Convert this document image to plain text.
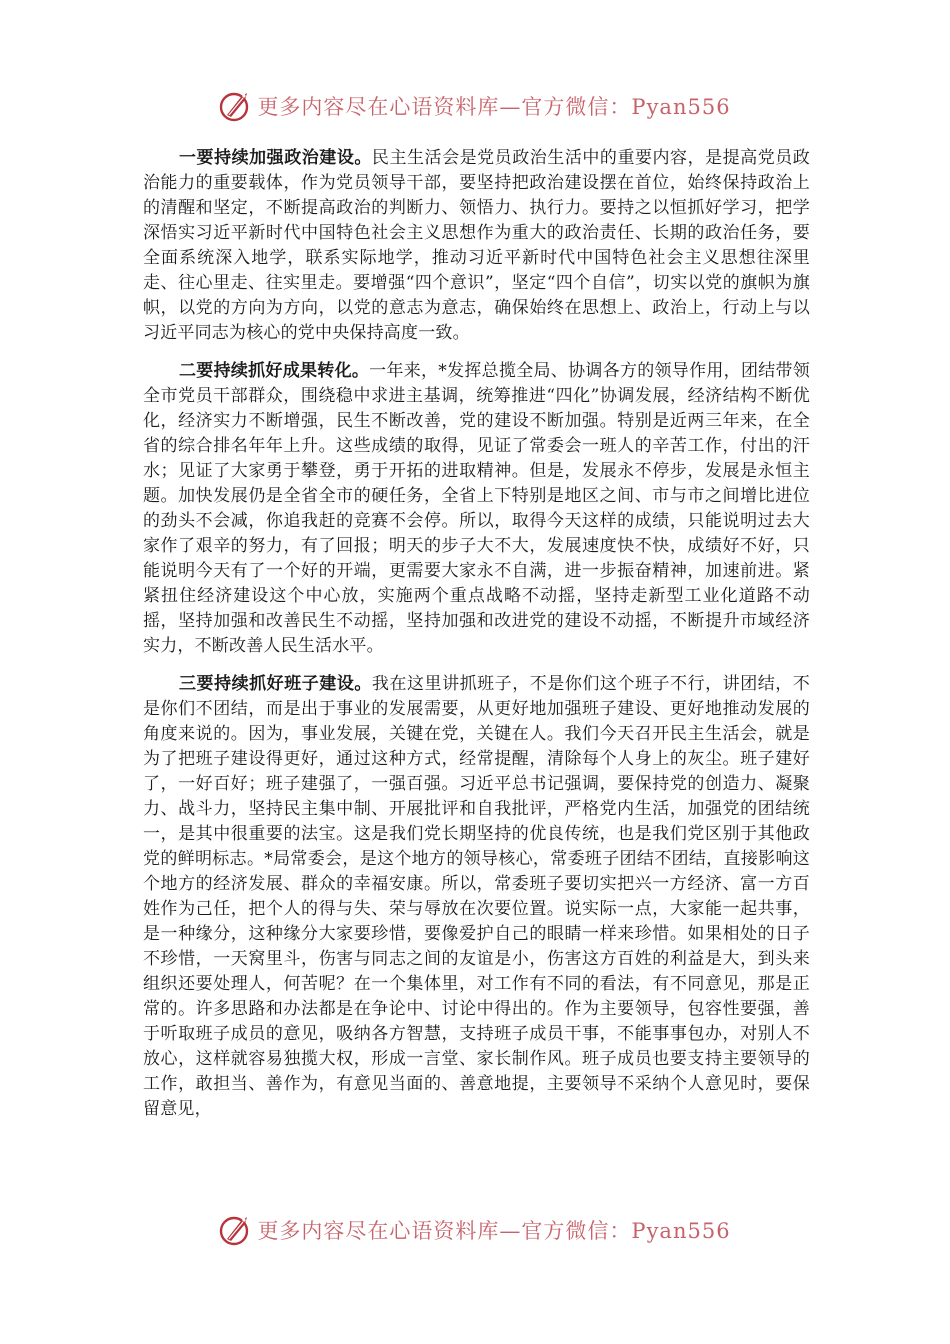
更多内容尽在心语资料库—官方微信：Pyan556

一要持续加强政治建设。民主生活会是党员政治生活中的重要内容，是提高党员政治能力的重要载体，作为党员领导干部，要坚持把政治建设摆在首位，始终保持政治上的清醒和坚定，不断提高政治的判断力、领悟力、执行力。要持之以恒抓好学习，把学深悟实习近平新时代中国特色社会主义思想作为重大的政治责任、长期的政治任务，要全面系统深入地学，联系实际地学，推动习近平新时代中国特色社会主义思想往深里走、往心里走、往实里走。要增强“四个意识”，坚定“四个自信”，切实以党的旗帜为旗帜，以党的方向为方向，以党的意志为意志，确保始终在思想上、政治上，行动上与以习近平同志为核心的党中央保持高度一致。

二要持续抓好成果转化。一年来，*发挥总揽全局、协调各方的领导作用，团结带领全市党员干部群众，围绕稳中求进主基调，统筹推进“四化”协调发展，经济结构不断优化，经济实力不断增强，民生不断改善，党的建设不断加强。特别是近两三年来，在全省的综合排名年年上升。这些成绩的取得，见证了常委会一班人的辛苦工作，付出的汗水；见证了大家勇于攀登，勇于开拓的进取精神。但是，发展永不停步，发展是永恒主题。加快发展仍是全省全市的硬任务，全省上下特别是地区之间、市与市之间增比进位的劲头不会减，你追我赶的竞赛不会停。所以，取得今天这样的成绩，只能说明过去大家作了艰辛的努力，有了回报；明天的步子大不大，发展速度快不快，成绩好不好，只能说明今天有了一个好的开端，更需要大家永不自满，进一步振奋精神，加速前进。紧紧扭住经济建设这个中心放，实施两个重点战略不动摇，坚持走新型工业化道路不动摇，坚持加强和改善民生不动摇，坚持加强和改进党的建设不动摇，不断提升市域经济实力，不断改善人民生活水平。

三要持续抓好班子建设。我在这里讲抓班子，不是你们这个班子不行，讲团结，不是你们不团结，而是出于事业的发展需要，从更好地加强班子建设、更好地推动发展的角度来说的。因为，事业发展，关键在党，关键在人。我们今天召开民主生活会，就是为了把班子建设得更好，通过这种方式，经常提醒，清除每个人身上的灰尘。班子建好了，一好百好；班子建强了，一强百强。习近平总书记强调，要保持党的创造力、凝聚力、战斗力，坚持民主集中制、开展批评和自我批评，严格党内生活，加强党的团结统一，是其中很重要的法宝。这是我们党长期坚持的优良传统，也是我们党区别于其他政党的鲜明标志。*局常委会，是这个地方的领导核心，常委班子团结不团结，直接影响这个地方的经济发展、群众的幸福安康。所以，常委班子要切实把兴一方经济、富一方百姓作为己任，把个人的得与失、荣与辱放在次要位置。说实际一点，大家能一起共事，是一种缘分，这种缘分大家要珍惜，要像爱护自己的眼睛一样来珍惜。如果相处的日子不珍惜，一天窝里斗，伤害与同志之间的友谊是小，伤害这方百姓的利益是大，到头来组织还要处理人，何苦呢？在一个集体里，对工作有不同的看法，有不同意见，那是正常的。许多思路和办法都是在争论中、讨论中得出的。作为主要领导，包容性要强，善于听取班子成员的意见，吸纳各方智慧，支持班子成员干事，不能事事包办，对别人不放心，这样就容易独揽大权，形成一言堂、家长制作风。班子成员也要支持主要领导的工作，敢担当、善作为，有意见当面的、善意地提，主要领导不采纳个人意见时，要保留意见，

更多内容尽在心语资料库—官方微信：Pyan556
